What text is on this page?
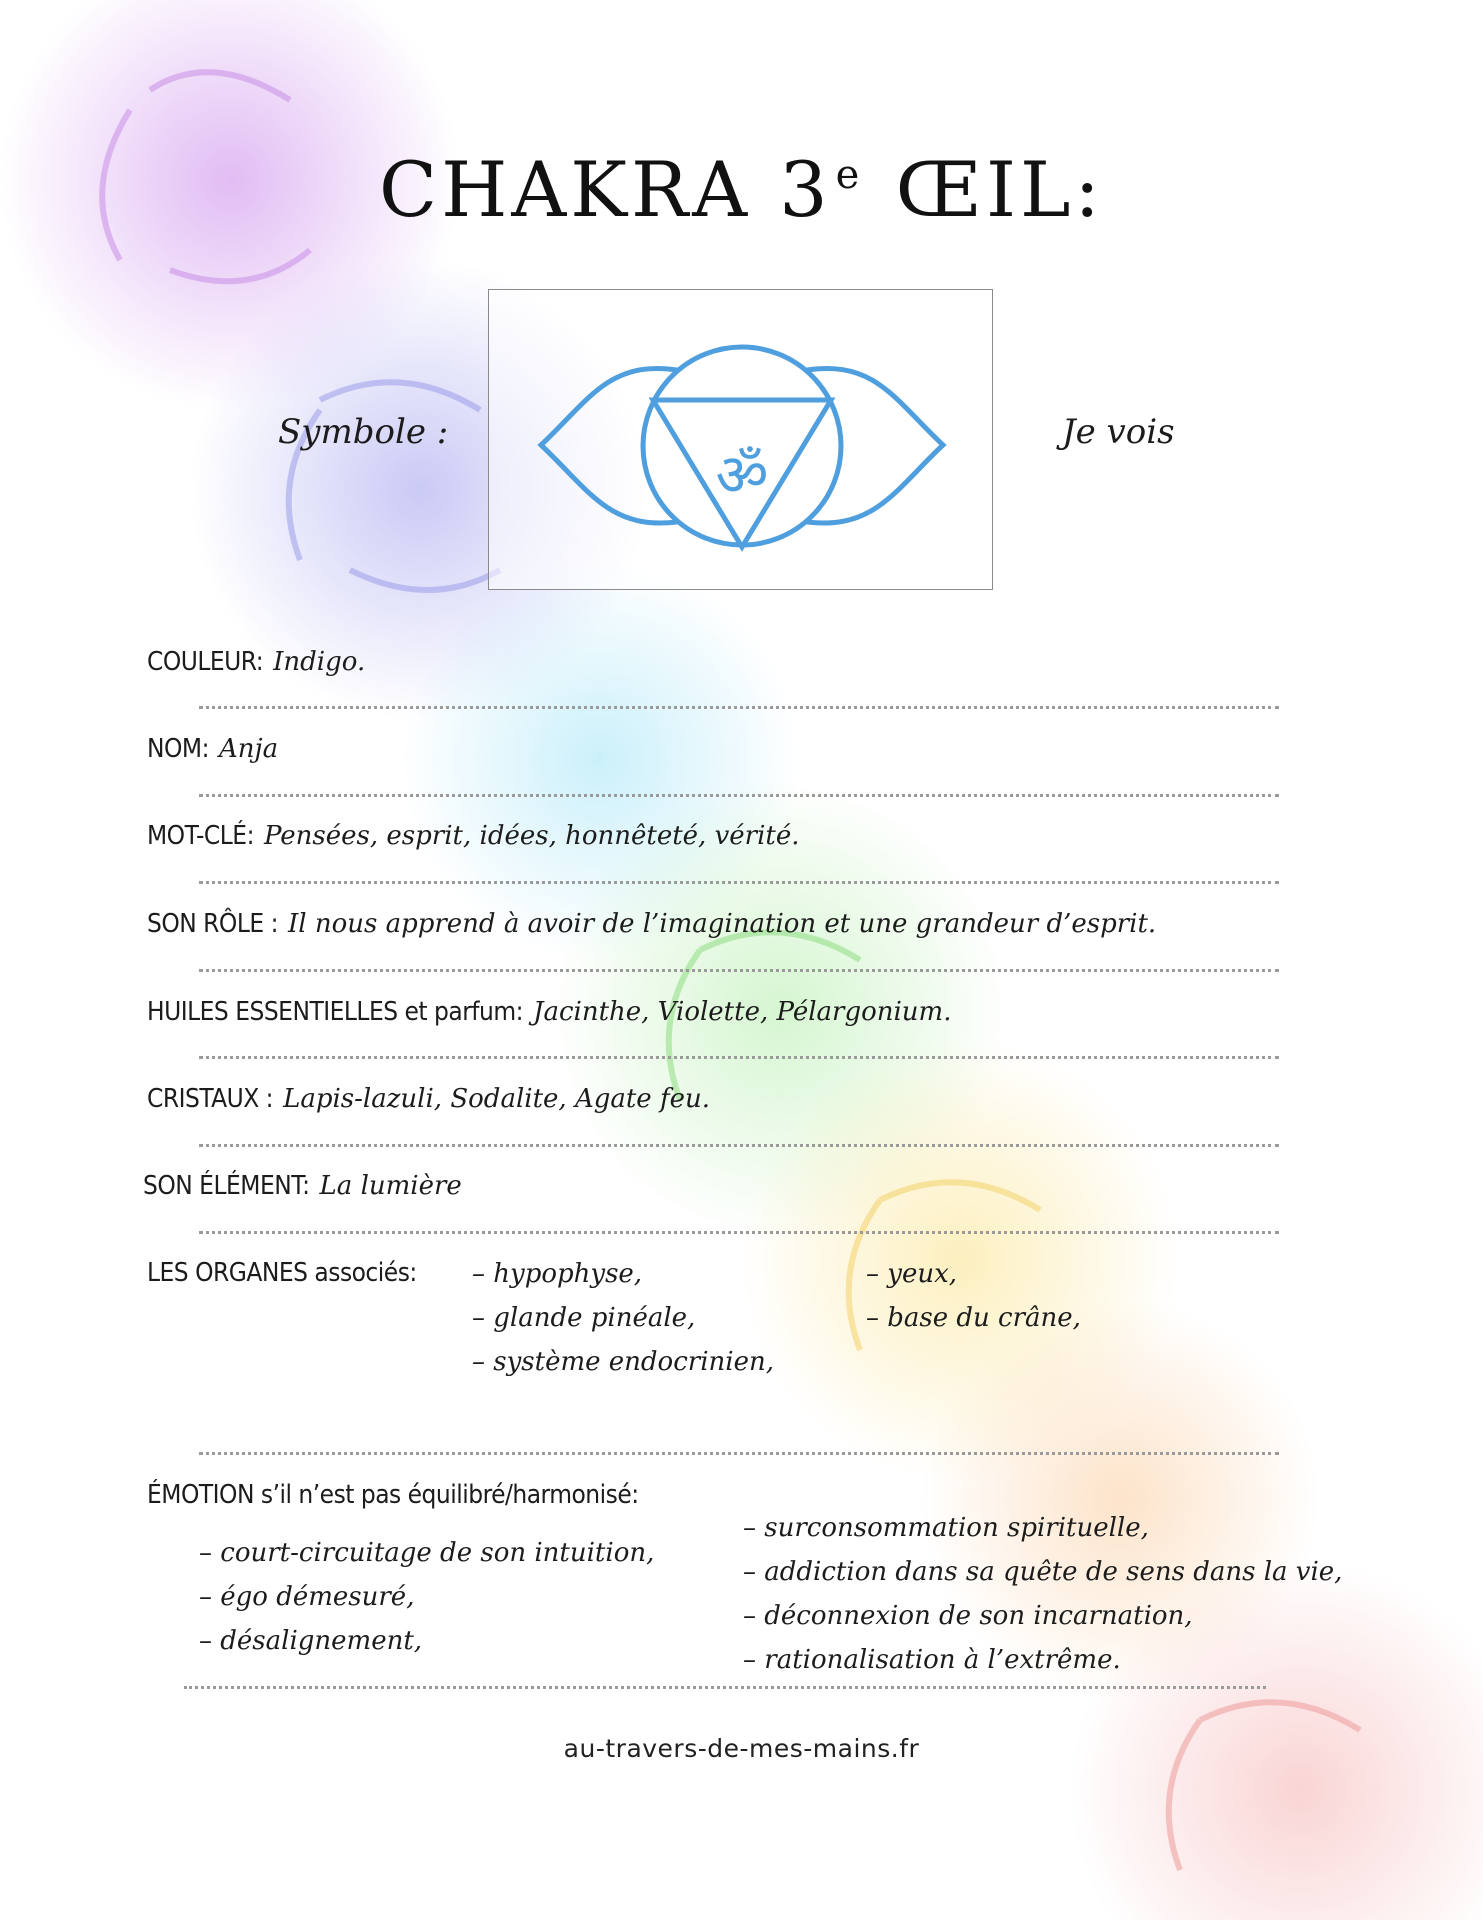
CHAKRA 3 $^e$ ŒIL:
Symbole :	Je vois
ॐ
COULEUR: Indigo.
NOM: Anja
MOT-CLÉ: Pensées, esprit, idées, honnêteté, vérité.
SON RÔLE : Il nous apprend à avoir de l’imagination et une grandeur d’esprit.
HUILES ESSENTIELLES et parfum: Jacinthe, Violette, Pélargonium.
CRISTAUX : Lapis-lazuli, Sodalite, Agate feu.
SON ÉLÉMENT: La lumière
LES ORGANES associés: – hypophyse,
– glande pinéale,
– système endocrinien,
– yeux,
– base du crâne,
ÉMOTION s’il n’est pas équilibré/harmonisé:
– court-circuitage de son intuition,
– égo démesuré,
– désalignement,
– surconsommation spirituelle,
– addiction dans sa quête de sens dans la vie,
– déconnexion de son incarnation,
– rationalisation à l’extrême.
au-travers-de-mes-mains.fr
